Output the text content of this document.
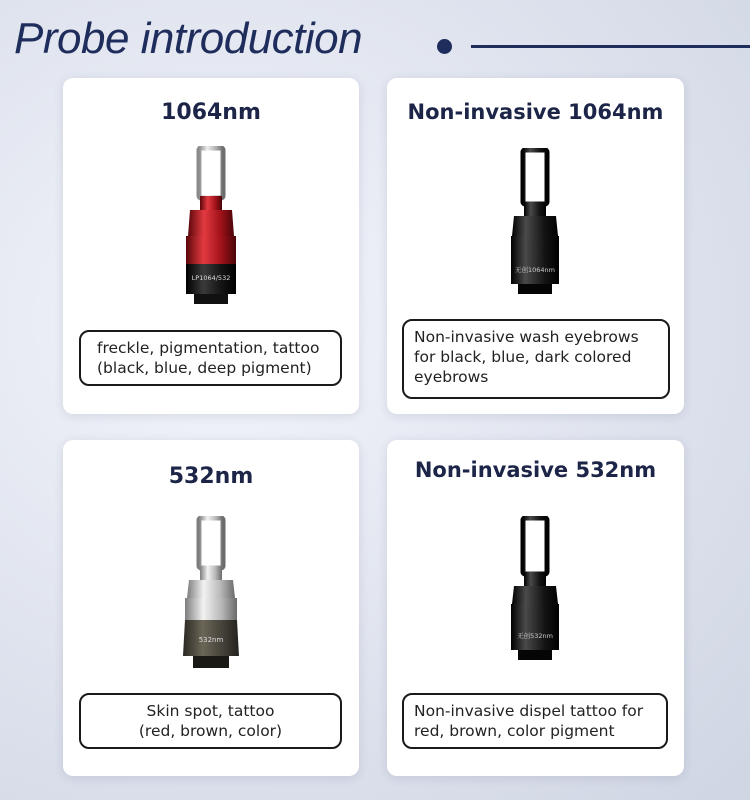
Probe introduction
1064nm
LP1064/532
freckle, pigmentation, tattoo
(black, blue, deep pigment)
Non-invasive 1064nm
无创1064nm
Non-invasive wash eyebrows
for black, blue, dark colored
eyebrows
532nm
532nm
Skin spot, tattoo
(red, brown, color)
Non-invasive 532nm
无创532nm
Non-invasive dispel tattoo for
red, brown, color pigment
